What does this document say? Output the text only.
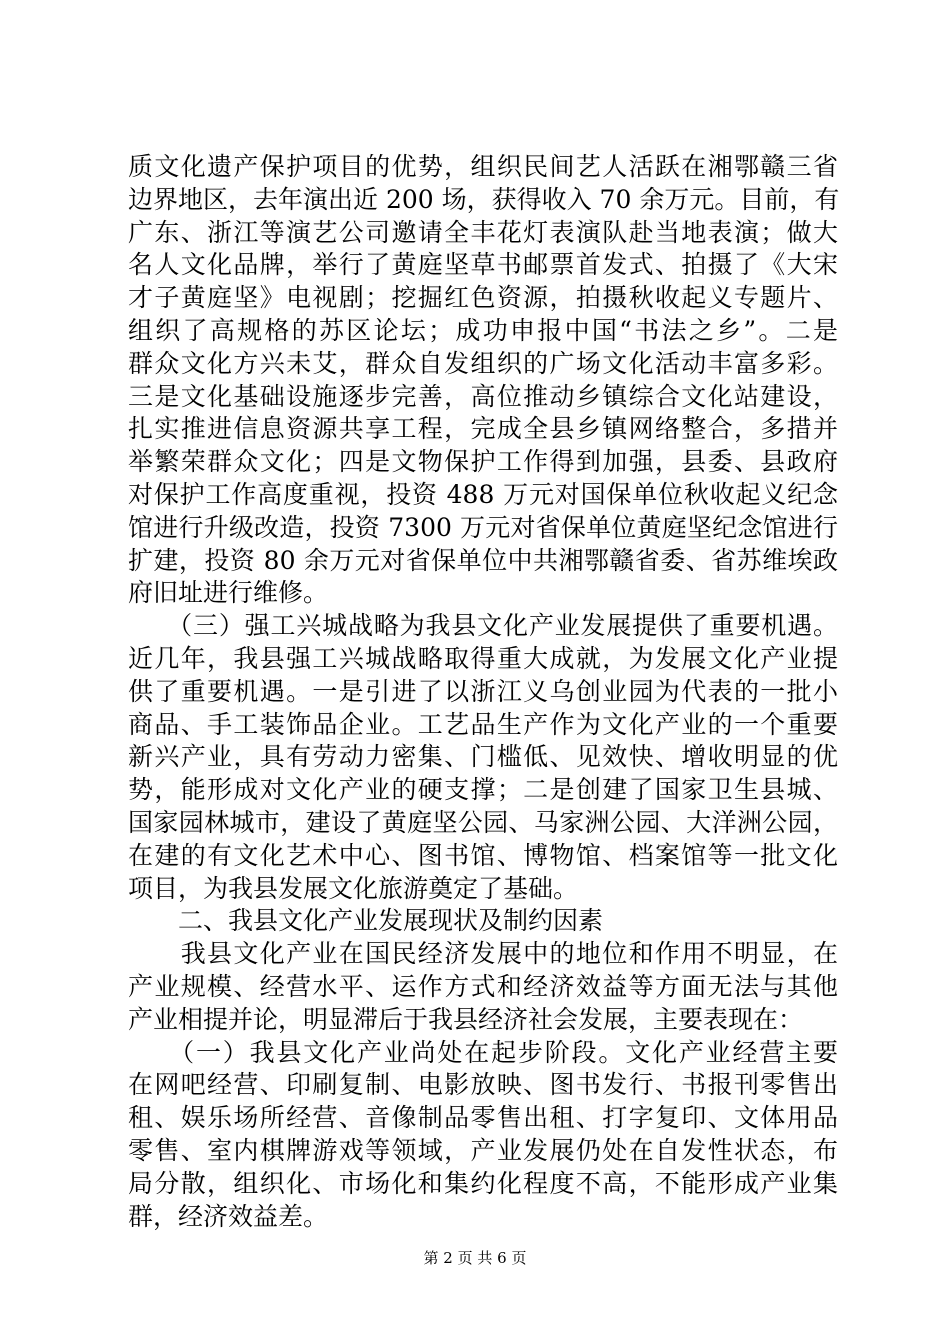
质文化遗产保护项目的优势，组织民间艺人活跃在湘鄂赣三省
边界地区，去年演出近 200 场，获得收入 70 余万元。目前，有
广东、浙江等演艺公司邀请全丰花灯表演队赴当地表演；做大
名人文化品牌，举行了黄庭坚草书邮票首发式、拍摄了《大宋
才子黄庭坚》电视剧；挖掘红色资源，拍摄秋收起义专题片、
组织了高规格的苏区论坛；成功申报中国“书法之乡”。二是
群众文化方兴未艾，群众自发组织的广场文化活动丰富多彩。
三是文化基础设施逐步完善，高位推动乡镇综合文化站建设，
扎实推进信息资源共享工程，完成全县乡镇网络整合，多措并
举繁荣群众文化；四是文物保护工作得到加强，县委、县政府
对保护工作高度重视，投资 488 万元对国保单位秋收起义纪念
馆进行升级改造，投资 7300 万元对省保单位黄庭坚纪念馆进行
扩建，投资 80 余万元对省保单位中共湘鄂赣省委、省苏维埃政
府旧址进行维修。
　　（三）强工兴城战略为我县文化产业发展提供了重要机遇。
近几年，我县强工兴城战略取得重大成就，为发展文化产业提
供了重要机遇。一是引进了以浙江义乌创业园为代表的一批小
商品、手工装饰品企业。工艺品生产作为文化产业的一个重要
新兴产业，具有劳动力密集、门槛低、见效快、增收明显的优
势，能形成对文化产业的硬支撑；二是创建了国家卫生县城、
国家园林城市，建设了黄庭坚公园、马家洲公园、大洋洲公园，
在建的有文化艺术中心、图书馆、博物馆、档案馆等一批文化
项目，为我县发展文化旅游奠定了基础。
　　二、我县文化产业发展现状及制约因素
　　我县文化产业在国民经济发展中的地位和作用不明显，在
产业规模、经营水平、运作方式和经济效益等方面无法与其他
产业相提并论，明显滞后于我县经济社会发展，主要表现在：
　　（一）我县文化产业尚处在起步阶段。文化产业经营主要
在网吧经营、印刷复制、电影放映、图书发行、书报刊零售出
租、娱乐场所经营、音像制品零售出租、打字复印、文体用品
零售、室内棋牌游戏等领域，产业发展仍处在自发性状态，布
局分散，组织化、市场化和集约化程度不高，不能形成产业集
群，经济效益差。
第 2 页 共 6 页
